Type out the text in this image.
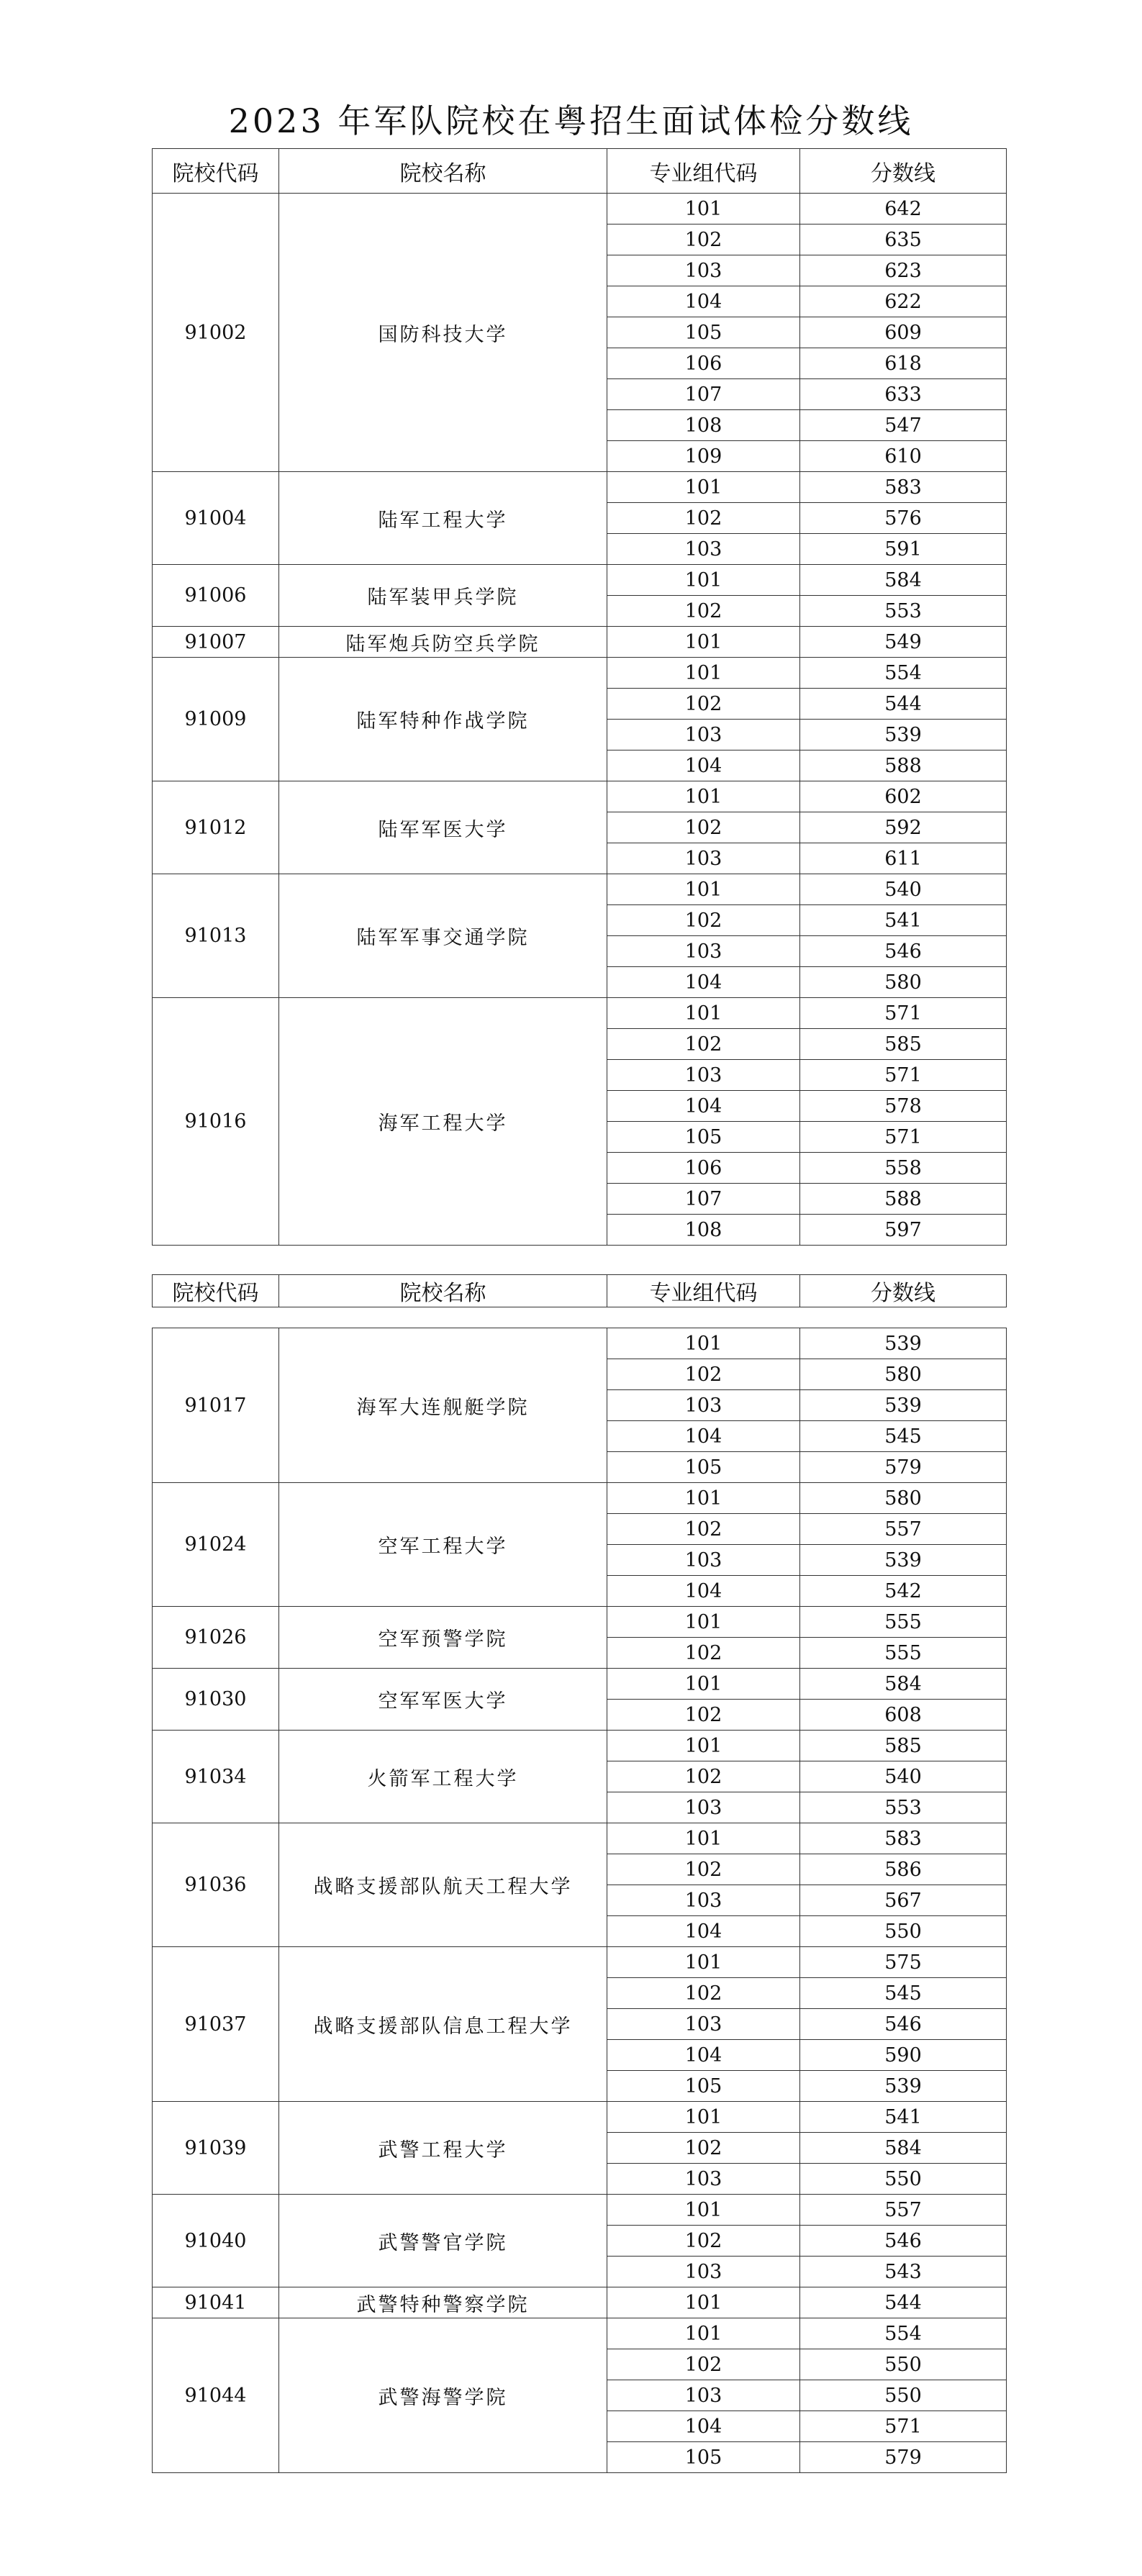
2023 年军队院校在粤招生面试体检分数线
院校代码	院校名称	专业组代码	分数线
91002	国防科技大学	101	642
		102	635
		103	623
		104	622
		105	609
		106	618
		107	633
		108	547
		109	610
91004	陆军工程大学	101	583
		102	576
		103	591
91006	陆军装甲兵学院	101	584
		102	553
91007	陆军炮兵防空兵学院	101	549
91009	陆军特种作战学院	101	554
		102	544
		103	539
		104	588
91012	陆军军医大学	101	602
		102	592
		103	611
91013	陆军军事交通学院	101	540
		102	541
		103	546
		104	580
91016	海军工程大学	101	571
		102	585
		103	571
		104	578
		105	571
		106	558
		107	588
		108	597
院校代码	院校名称	专业组代码	分数线
91017	海军大连舰艇学院	101	539
		102	580
		103	539
		104	545
		105	579
91024	空军工程大学	101	580
		102	557
		103	539
		104	542
91026	空军预警学院	101	555
		102	555
91030	空军军医大学	101	584
		102	608
91034	火箭军工程大学	101	585
		102	540
		103	553
91036	战略支援部队航天工程大学	101	583
		102	586
		103	567
		104	550
91037	战略支援部队信息工程大学	101	575
		102	545
		103	546
		104	590
		105	539
91039	武警工程大学	101	541
		102	584
		103	550
91040	武警警官学院	101	557
		102	546
		103	543
91041	武警特种警察学院	101	544
91044	武警海警学院	101	554
		102	550
		103	550
		104	571
		105	579
